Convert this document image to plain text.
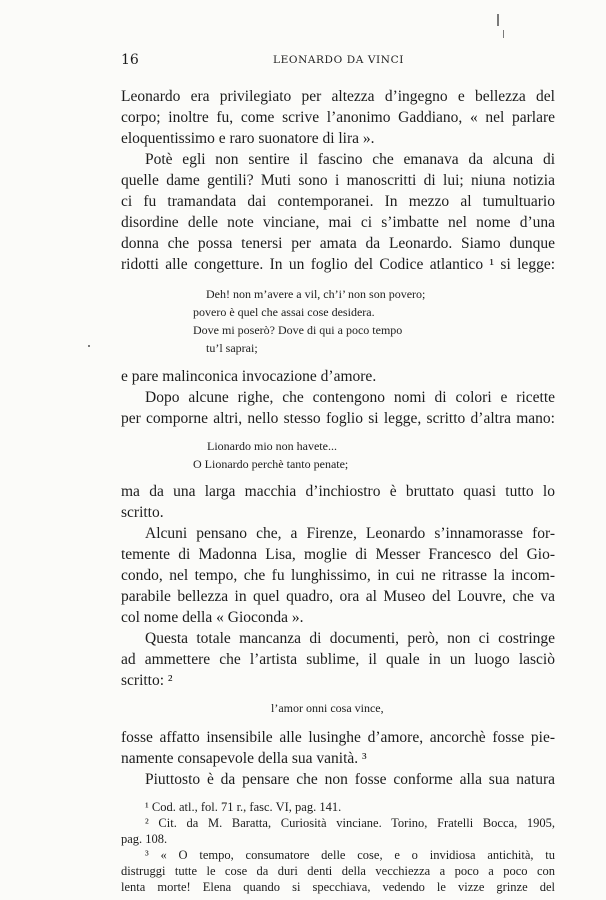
16	LEONARDO DA VINCI
Leonardo era privilegiato per altezza d’ingegno e bellezza del
corpo; inoltre fu, come scrive l’anonimo Gaddiano, « nel parlare
eloquentissimo e raro suonatore di lira ».
Potè egli non sentire il fascino che emanava da alcuna di
quelle dame gentili? Muti sono i manoscritti di lui; niuna notizia
ci fu tramandata dai contemporanei. In mezzo al tumultuario
disordine delle note vinciane, mai ci s’imbatte nel nome d’una
donna che possa tenersi per amata da Leonardo. Siamo dunque
ridotti alle congetture. In un foglio del Codice atlantico ¹ si legge:
Deh! non m’avere a vil, ch’i’ non son povero;
povero è quel che assai cose desidera.
Dove mi poserò? Dove di qui a poco tempo
tu’l saprai;
e pare malinconica invocazione d’amore.
Dopo alcune righe, che contengono nomi di colori e ricette
per comporne altri, nello stesso foglio si legge, scritto d’altra mano:
Lionardo mio non havete...
O Lionardo perchè tanto penate;
ma da una larga macchia d’inchiostro è bruttato quasi tutto lo
scritto.
Alcuni pensano che, a Firenze, Leonardo s’innamorasse for-
temente di Madonna Lisa, moglie di Messer Francesco del Gio-
condo, nel tempo, che fu lunghissimo, in cui ne ritrasse la incom-
parabile bellezza in quel quadro, ora al Museo del Louvre, che va
col nome della « Gioconda ».
Questa totale mancanza di documenti, però, non ci costringe
ad ammettere che l’artista sublime, il quale in un luogo lasciò
scritto: ²
l’amor onni cosa vince,
fosse affatto insensibile alle lusinghe d’amore, ancorchè fosse pie-
namente consapevole della sua vanità. ³
Piuttosto è da pensare che non fosse conforme alla sua natura
¹ Cod. atl., fol. 71 r., fasc. VI, pag. 141.
² Cit. da M. Baratta, Curiosità vinciane. Torino, Fratelli Bocca, 1905,
pag. 108.
³ « O tempo, consumatore delle cose, e o invidiosa antichità, tu
distruggi tutte le cose da duri denti della vecchiezza a poco a poco con
lenta morte! Elena quando si specchiava, vedendo le vizze grinze del
